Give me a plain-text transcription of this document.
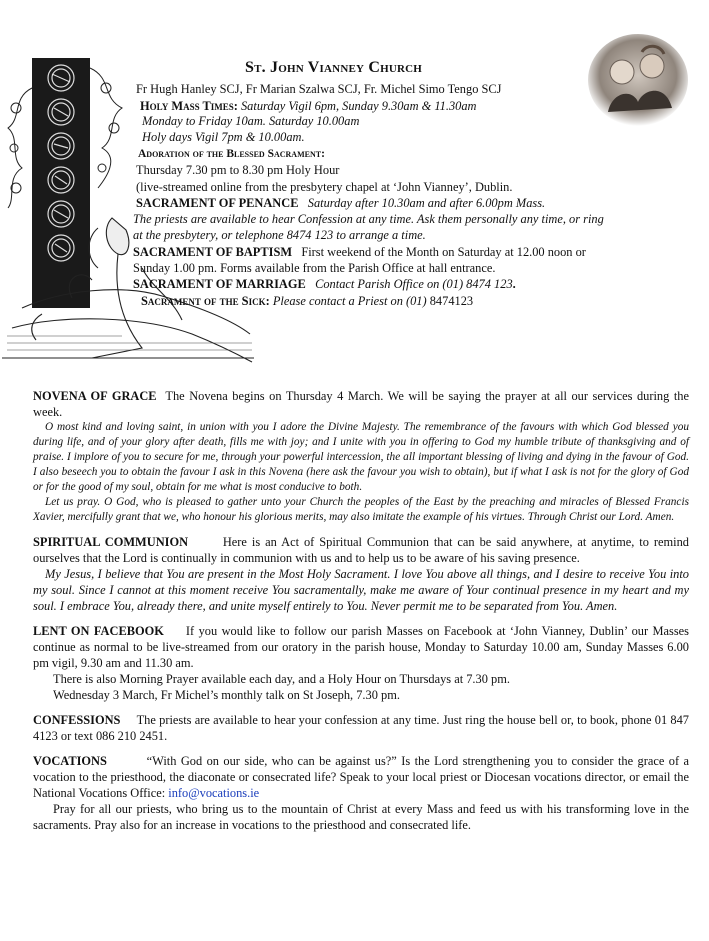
St. John Vianney Church
Fr Hugh Hanley SCJ, Fr Marian Szalwa SCJ, Fr. Michel Simo Tengo SCJ
Holy Mass Times: Saturday Vigil 6pm, Sunday 9.30am & 11.30am
Monday to Friday 10am. Saturday 10.00am
Holy days Vigil 7pm & 10.00am.
Adoration of the Blessed Sacrament:
Thursday 7.30 pm to 8.30 pm Holy Hour
(live-streamed online from the presbytery chapel at ‘John Vianney’, Dublin.
SACRAMENT OF PENANCE Saturday after 10.30am and after 6.00pm Mass.
The priests are available to hear Confession at any time. Ask them personally any time, or ring
at the presbytery, or telephone 8474 123 to arrange a time.
SACRAMENT OF BAPTISM First weekend of the Month on Saturday at 12.00 noon or
Sunday 1.00 pm. Forms available from the Parish Office at hall entrance.
SACRAMENT OF MARRIAGE Contact Parish Office on (01) 8474 123.
Sacrament of the Sick: Please contact a Priest on (01) 8474123

NOVENA OF GRACE The Novena begins on Thursday 4 March. We will be saying the prayer at all our services during the week.

O most kind and loving saint, in union with you I adore the Divine Majesty. The remembrance of the favours with which God blessed you during life, and of your glory after death, fills me with joy; and I unite with you in offering to God my humble tribute of thanksgiving and of praise. I implore of you to secure for me, through your powerful intercession, the all important blessing of living and dying in the favour of God. I also beseech you to obtain the favour I ask in this Novena (here ask the favour you wish to obtain), but if what I ask is not for the glory of God or for the good of my soul, obtain for me what is most conducive to both.

Let us pray. O God, who is pleased to gather unto your Church the peoples of the East by the preaching and miracles of Blessed Francis Xavier, mercifully grant that we, who honour his glorious merits, may also imitate the example of his virtues. Through Christ our Lord. Amen.

SPIRITUAL COMMUNION	Here is an Act of Spiritual Communion that can be said anywhere, at anytime, to remind ourselves that the Lord is continually in communion with us and to help us to be aware of his saving presence.

My Jesus, I believe that You are present in the Most Holy Sacrament. I love You above all things, and I desire to receive You into my soul. Since I cannot at this moment receive You sacramentally, make me aware of Your continual presence in my heart and my soul. I embrace You, already there, and unite myself entirely to You. Never permit me to be separated from You. Amen.

LENT ON FACEBOOK If you would like to follow our parish Masses on Facebook at ‘John Vianney, Dublin’ our Masses continue as normal to be live-streamed from our oratory in the parish house, Monday to Saturday 10.00 am, Sunday Masses 6.00 pm vigil, 9.30 am and 11.30 am.

There is also Morning Prayer available each day, and a Holy Hour on Thursdays at 7.30 pm.

Wednesday 3 March, Fr Michel’s monthly talk on St Joseph, 7.30 pm.

CONFESSIONS The priests are available to hear your confession at any time. Just ring the house bell or, to book, phone 01 847 4123 or text 086 210 2451.

VOCATIONS	“With God on our side, who can be against us?” Is the Lord strengthening you to consider the grace of a vocation to the priesthood, the diaconate or consecrated life? Speak to your local priest or Diocesan vocations director, or email the National Vocations Office: info@vocations.ie

Pray for all our priests, who bring us to the mountain of Christ at every Mass and feed us with his transforming love in the sacraments. Pray also for an increase in vocations to the priesthood and consecrated life.
